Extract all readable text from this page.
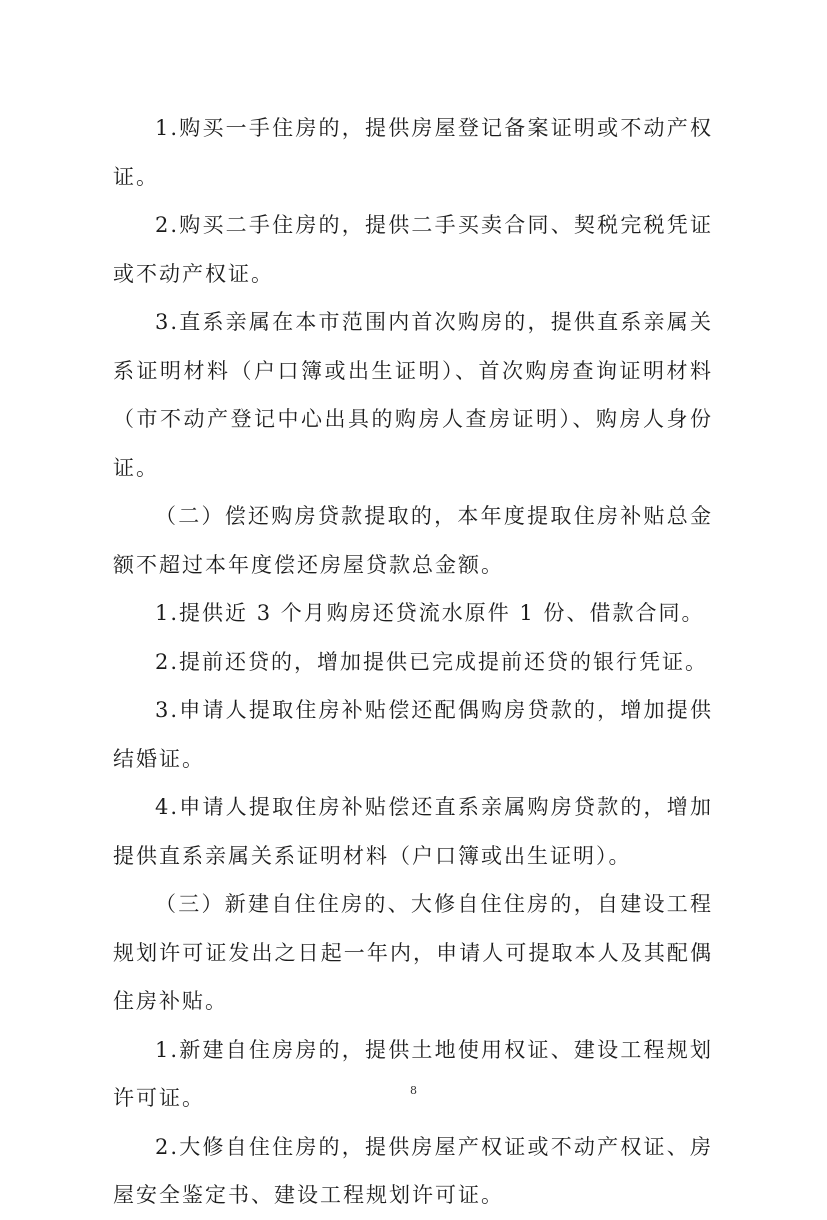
1.购买一手住房的，提供房屋登记备案证明或不动产权证。

2.购买二手住房的，提供二手买卖合同、契税完税凭证或不动产权证。

3.直系亲属在本市范围内首次购房的，提供直系亲属关系证明材料（户口簿或出生证明）、首次购房查询证明材料（市不动产登记中心出具的购房人查房证明）、购房人身份证。

（二）偿还购房贷款提取的，本年度提取住房补贴总金额不超过本年度偿还房屋贷款总金额。

1.提供近 3 个月购房还贷流水原件 1 份、借款合同。

2.提前还贷的，增加提供已完成提前还贷的银行凭证。

3.申请人提取住房补贴偿还配偶购房贷款的，增加提供结婚证。

4.申请人提取住房补贴偿还直系亲属购房贷款的，增加提供直系亲属关系证明材料（户口簿或出生证明）。

（三）新建自住住房的、大修自住住房的，自建设工程规划许可证发出之日起一年内，申请人可提取本人及其配偶住房补贴。

1.新建自住房房的，提供土地使用权证、建设工程规划许可证。

2.大修自住住房的，提供房屋产权证或不动产权证、房屋安全鉴定书、建设工程规划许可证。

8
